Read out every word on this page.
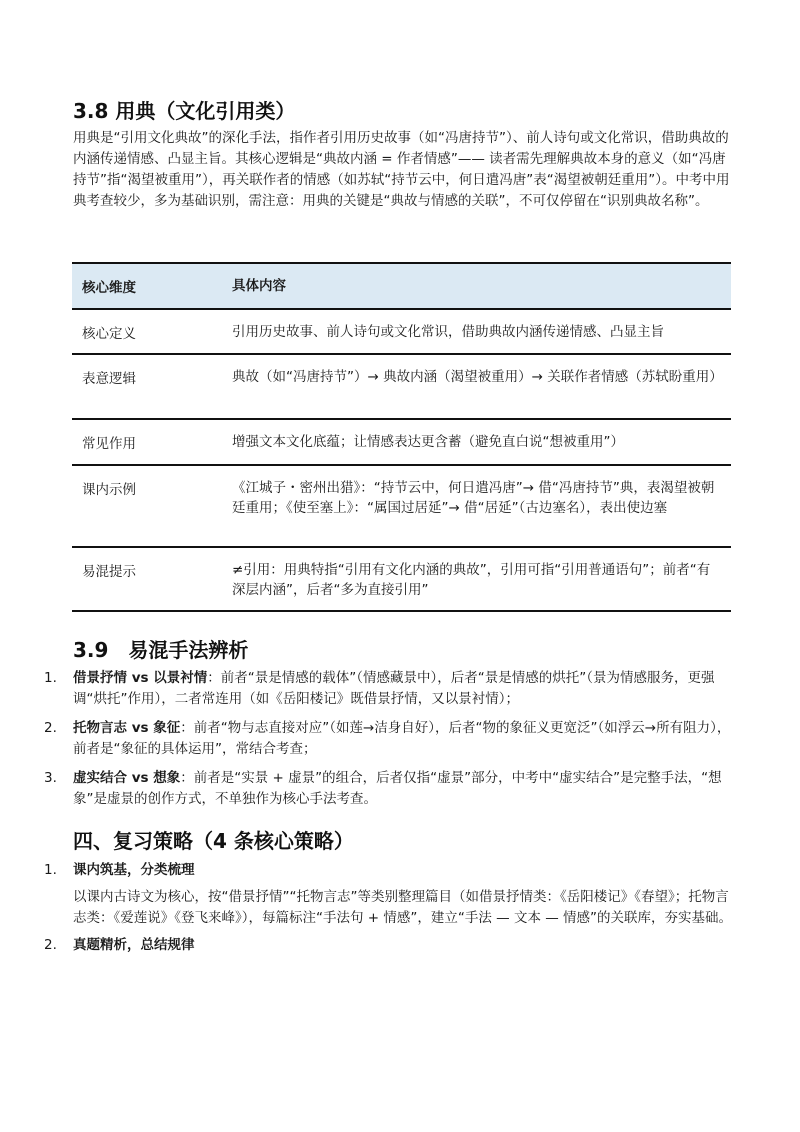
3.8 用典（文化引用类）

用典是“引用文化典故”的深化手法，指作者引用历史故事（如“冯唐持节”）、前人诗句或文化常识，借助典故的内涵传递情感、凸显主旨。其核心逻辑是“典故内涵 = 作者情感”—— 读者需先理解典故本身的意义（如“冯唐持节”指“渴望被重用”），再关联作者的情感（如苏轼“持节云中，何日遣冯唐”表“渴望被朝廷重用”）。中考中用典考查较少，多为基础识别，需注意：用典的关键是“典故与情感的关联”，不可仅停留在“识别典故名称”。

核心维度	具体内容
核心定义	引用历史故事、前人诗句或文化常识，借助典故内涵传递情感、凸显主旨
表意逻辑	典故（如“冯唐持节”）→ 典故内涵（渴望被重用）→ 关联作者情感（苏轼盼重用）
常见作用	增强文本文化底蕴；让情感表达更含蓄（避免直白说“想被重用”）
课内示例	《江城子・密州出猎》：“持节云中，何日遣冯唐”→ 借“冯唐持节”典，表渴望被朝廷重用；《使至塞上》：“属国过居延”→ 借“居延”（古边塞名），表出使边塞
易混提示	≠引用：用典特指“引用有文化内涵的典故”，引用可指“引用普通语句”；前者“有深层内涵”，后者“多为直接引用”
3.9　易混手法辨析
1. 借景抒情 vs 以景衬情：前者“景是情感的载体”（情感藏景中），后者“景是情感的烘托”（景为情感服务，更强调“烘托”作用），二者常连用（如《岳阳楼记》既借景抒情，又以景衬情）；
2. 托物言志 vs 象征：前者“物与志直接对应”（如莲→洁身自好），后者“物的象征义更宽泛”（如浮云→所有阻力），前者是“象征的具体运用”，常结合考查；
3. 虚实结合 vs 想象：前者是“实景 + 虚景”的组合，后者仅指“虚景”部分，中考中“虚实结合”是完整手法，“想象”是虚景的创作方式，不单独作为核心手法考查。
四、复习策略（4 条核心策略）
1. 课内筑基，分类梳理
以课内古诗文为核心，按“借景抒情”“托物言志”等类别整理篇目（如借景抒情类：《岳阳楼记》《春望》；托物言志类：《爱莲说》《登飞来峰》），每篇标注“手法句 + 情感”，建立“手法 — 文本 — 情感”的关联库，夯实基础。
2. 真题精析，总结规律
